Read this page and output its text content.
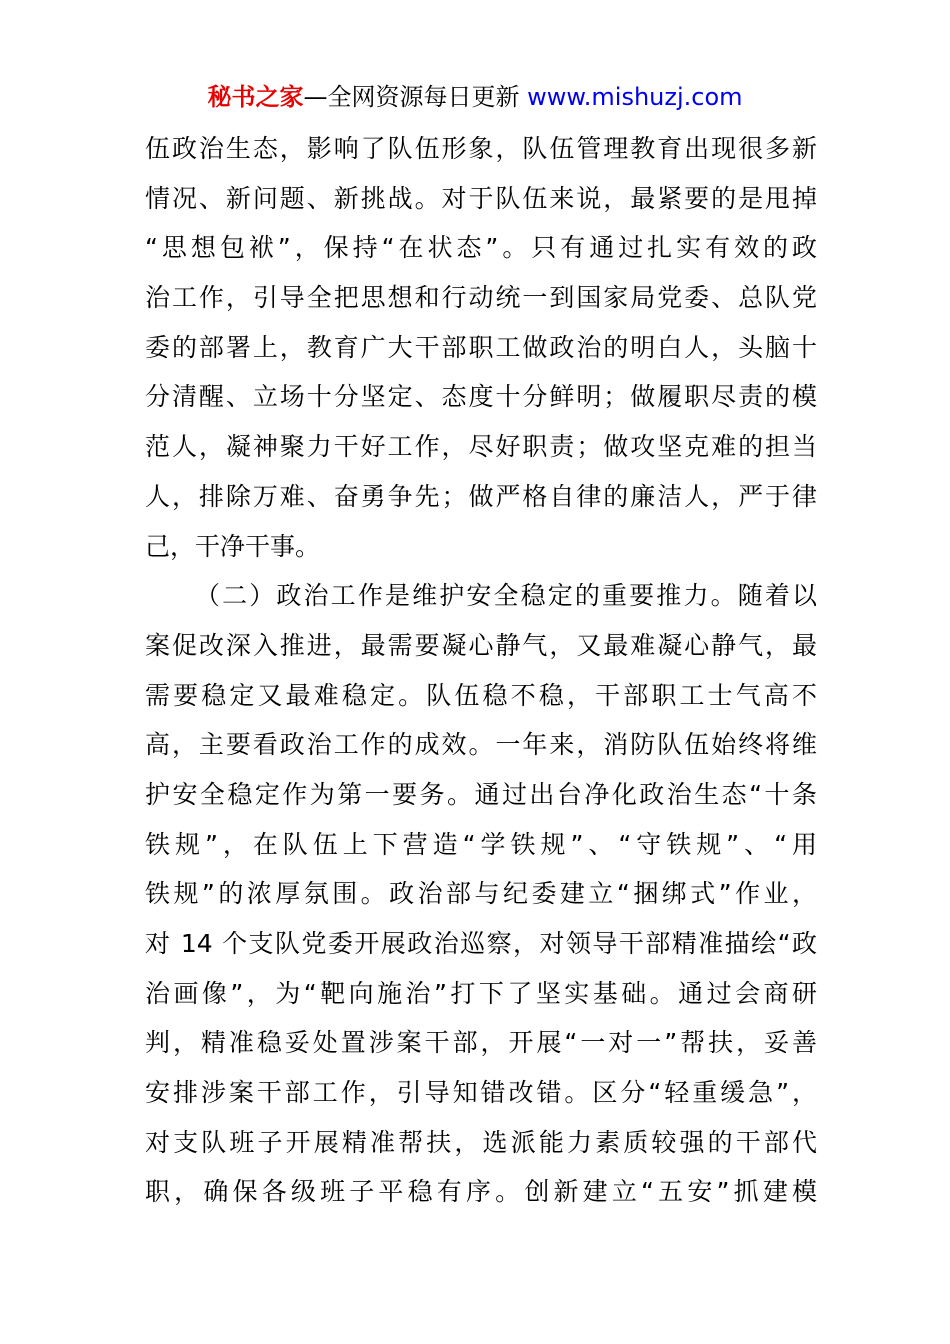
秘书之家—全网资源每日更新 www.mishuzj.com
伍政治生态，影响了队伍形象，队伍管理教育出现很多新
情况、新问题、新挑战。对于队伍来说，最紧要的是甩掉
“思想包袱”，保持“在状态”。只有通过扎实有效的政
治工作，引导全把思想和行动统一到国家局党委、总队党
委的部署上，教育广大干部职工做政治的明白人，头脑十
分清醒、立场十分坚定、态度十分鲜明；做履职尽责的模
范人，凝神聚力干好工作，尽好职责；做攻坚克难的担当
人，排除万难、奋勇争先；做严格自律的廉洁人，严于律
己，干净干事。
（二）政治工作是维护安全稳定的重要推力。随着以
案促改深入推进，最需要凝心静气，又最难凝心静气，最
需要稳定又最难稳定。队伍稳不稳，干部职工士气高不
高，主要看政治工作的成效。一年来，消防队伍始终将维
护安全稳定作为第一要务。通过出台净化政治生态“十条
铁规”，在队伍上下营造“学铁规”、“守铁规”、“用
铁规”的浓厚氛围。政治部与纪委建立“捆绑式”作业，
对 14 个支队党委开展政治巡察，对领导干部精准描绘“政
治画像”，为“靶向施治”打下了坚实基础。通过会商研
判，精准稳妥处置涉案干部，开展“一对一”帮扶，妥善
安排涉案干部工作，引导知错改错。区分“轻重缓急”，
对支队班子开展精准帮扶，选派能力素质较强的干部代
职，确保各级班子平稳有序。创新建立“五安”抓建模
